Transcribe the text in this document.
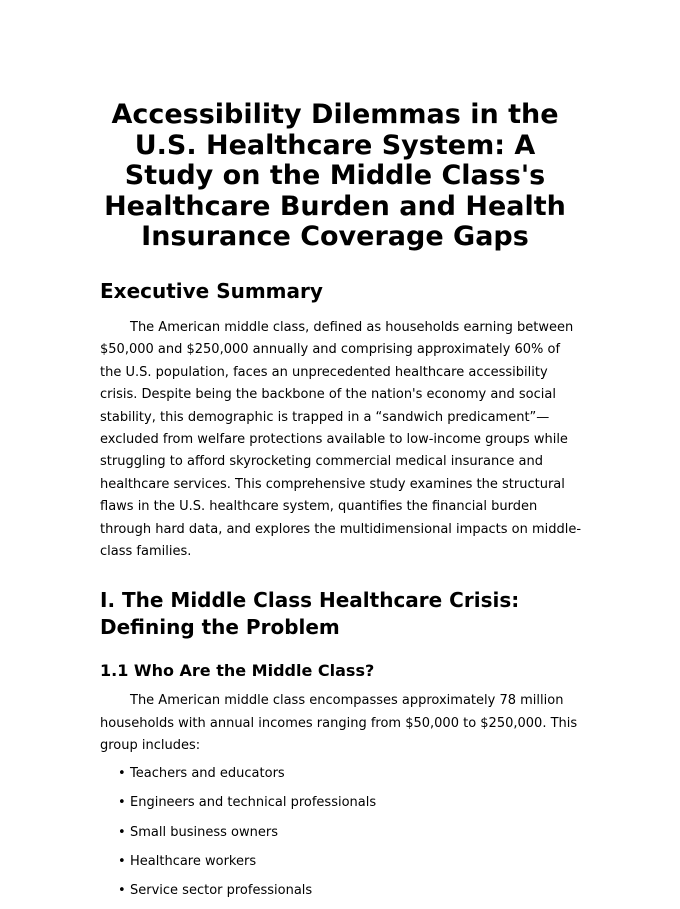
Accessibility Dilemmas in the U.S. Healthcare System: A Study on the Middle Class's Healthcare Burden and Health Insurance Coverage Gaps
Executive Summary

The American middle class, defined as households earning between $50,000 and $250,000 annually and comprising approximately 60% of the U.S. population, faces an unprecedented healthcare accessibility crisis. Despite being the backbone of the nation's economy and social stability, this demographic is trapped in a “sandwich predicament”—excluded from welfare protections available to low-income groups while struggling to afford skyrocketing commercial medical insurance and healthcare services. This comprehensive study examines the structural flaws in the U.S. healthcare system, quantifies the financial burden through hard data, and explores the multidimensional impacts on middle-class families.

I. The Middle Class Healthcare Crisis: Defining the Problem
1.1 Who Are the Middle Class?

The American middle class encompasses approximately 78 million households with annual incomes ranging from $50,000 to $250,000. This group includes:

• Teachers and educators
• Engineers and technical professionals
• Small business owners
• Healthcare workers
• Service sector professionals
